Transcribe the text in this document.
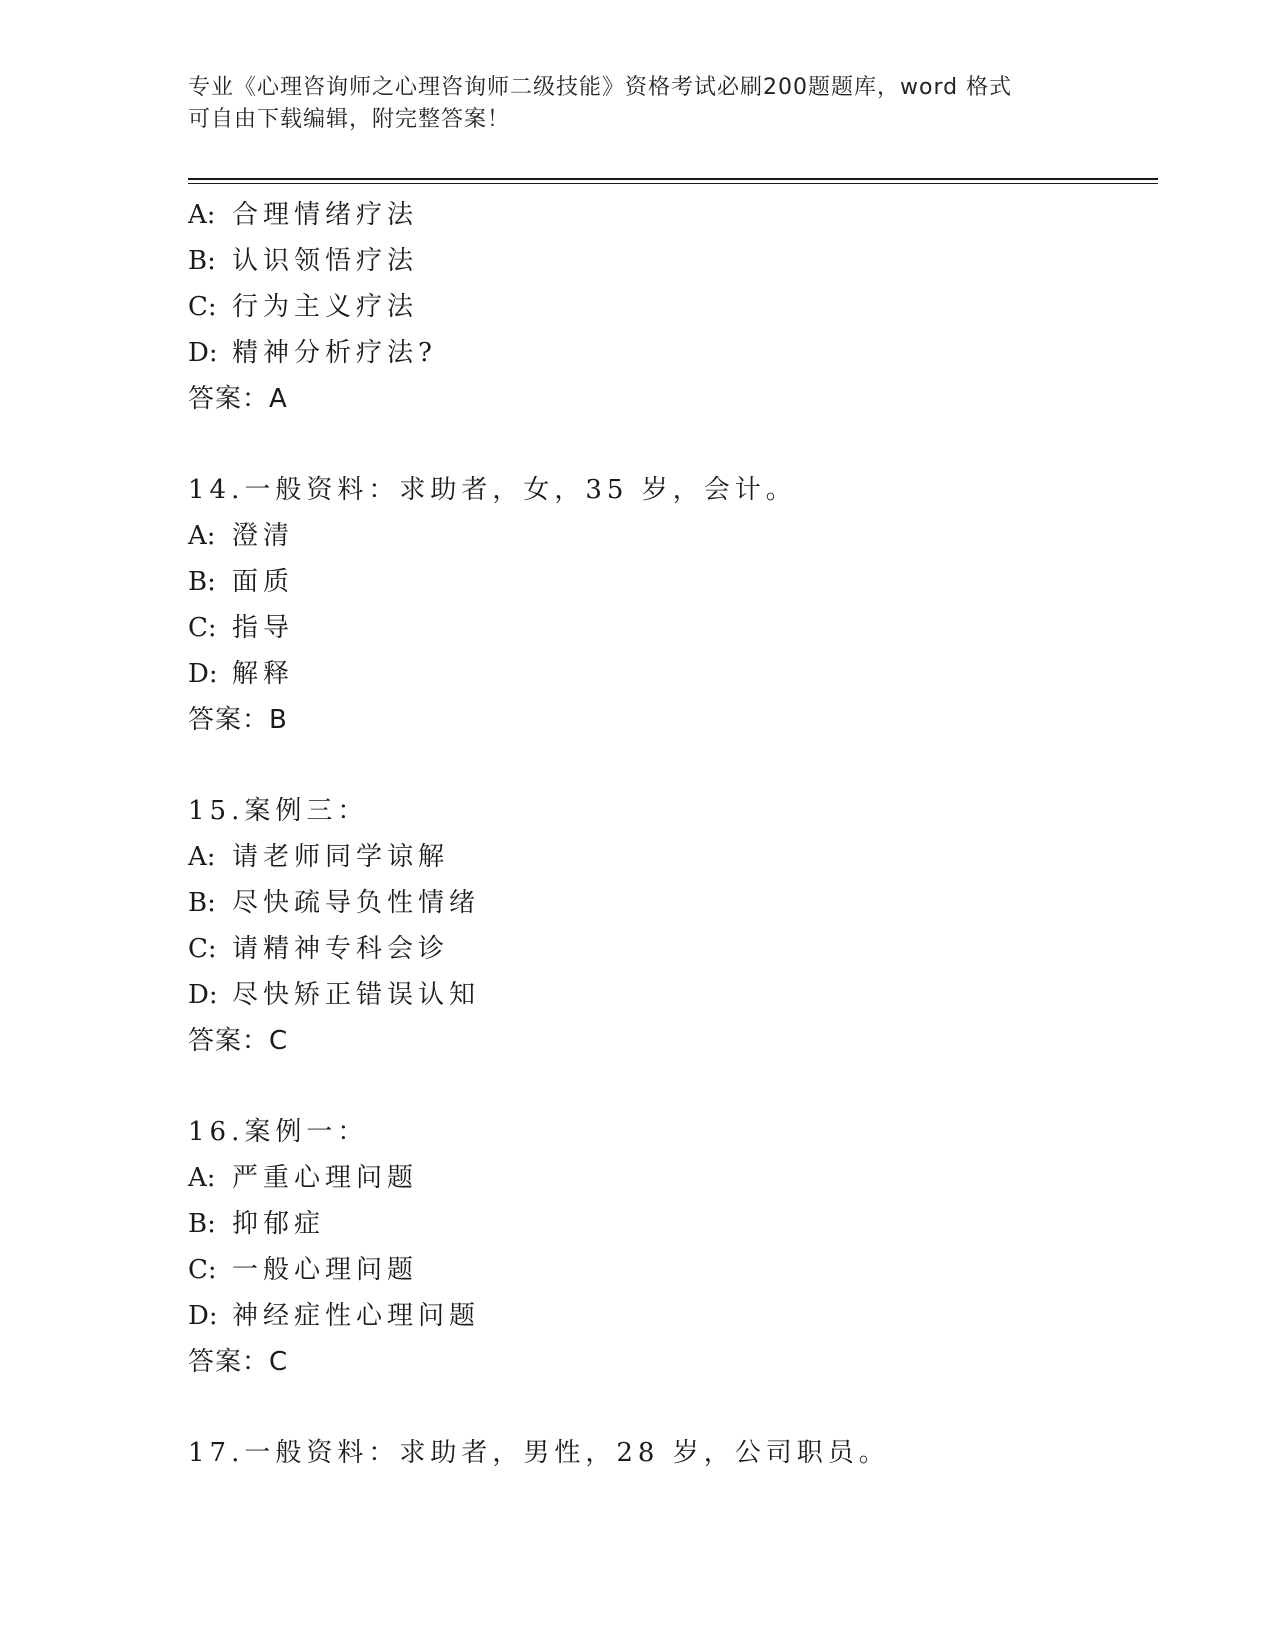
专业《心理咨询师之心理咨询师二级技能》资格考试必刷200题题库，word 格式
可自由下载编辑，附完整答案！
A: 合理情绪疗法
B: 认识领悟疗法
C: 行为主义疗法
D: 精神分析疗法?
答案：A
14.一般资料：求助者，女，35 岁，会计。
A: 澄清
B: 面质
C: 指导
D: 解释
答案：B
15.案例三：
A: 请老师同学谅解
B: 尽快疏导负性情绪
C: 请精神专科会诊
D: 尽快矫正错误认知
答案：C
16.案例一：
A: 严重心理问题
B: 抑郁症
C: 一般心理问题
D: 神经症性心理问题
答案：C
17.一般资料：求助者，男性，28 岁，公司职员。
